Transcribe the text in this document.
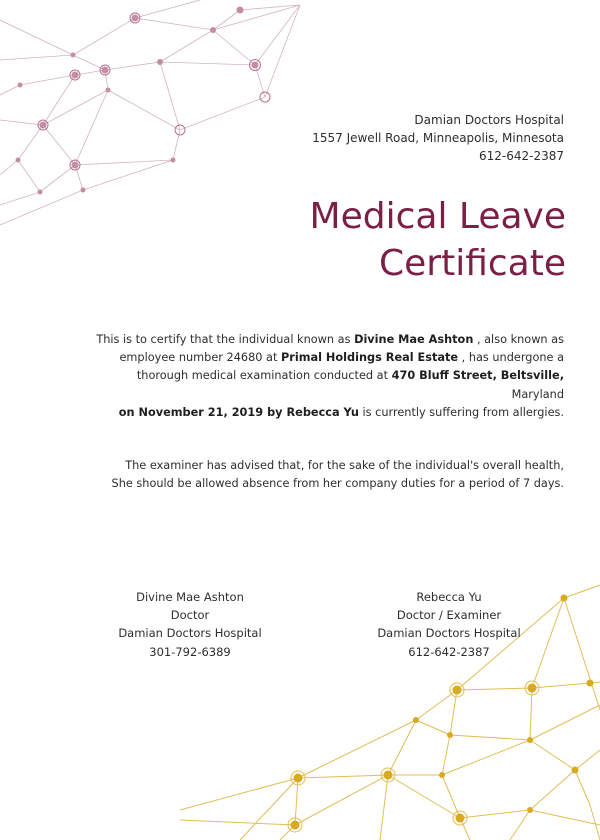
Damian Doctors Hospital
1557 Jewell Road, Minneapolis, Minnesota
612-642-2387
Medical Leave
Certificate

This is to certify that the individual known as Divine Mae Ashton , also known as employee number 24680 at Primal Holdings Real Estate , has undergone a thorough medical examination conducted at 470 Bluff Street, Beltsville, Maryland
on November 21, 2019 by Rebecca Yu is currently suffering from allergies.

The examiner has advised that, for the sake of the individual's overall health,
She should be allowed absence from her company duties for a period of 7 days.

Divine Mae Ashton
Doctor
Damian Doctors Hospital
301-792-6389
Rebecca Yu
Doctor / Examiner
Damian Doctors Hospital
612-642-2387
